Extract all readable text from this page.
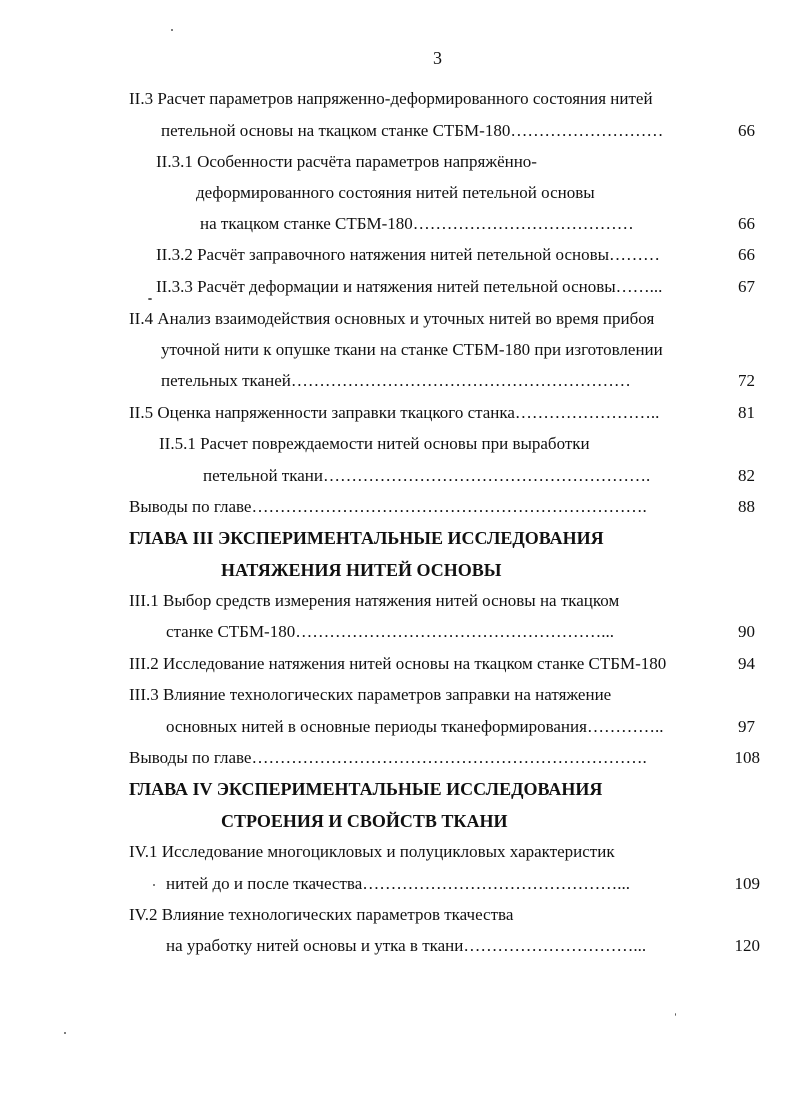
3
II.3 Расчет параметров напряженно-деформированного состояния нитей
петельной основы на ткацком станке СТБМ-180………………………	66
II.3.1 Особенности расчёта параметров напряжённо-
деформированного состояния нитей петельной основы
на ткацком станке СТБМ-180…………………………………	66
II.3.2 Расчёт заправочного натяжения нитей петельной основы………	66
II.3.3 Расчёт деформации и натяжения нитей петельной основы……...	67
II.4 Анализ взаимодействия основных и уточных нитей во время прибоя
уточной нити к опушке ткани на станке СТБМ-180 при изготовлении
петельных тканей……………………………………………………	72
II.5 Оценка напряженности заправки ткацкого станка……………………..	81
II.5.1 Расчет повреждаемости нитей основы при выработки
петельной ткани………………………………………………….	82
Выводы по главе…………………………………………………………….	88
ГЛАВА III ЭКСПЕРИМЕНТАЛЬНЫЕ ИССЛЕДОВАНИЯ
НАТЯЖЕНИЯ НИТЕЙ ОСНОВЫ
III.1 Выбор средств измерения натяжения нитей основы на ткацком
станке СТБМ-180………………………………………………...	90
III.2 Исследование натяжения нитей основы на ткацком станке СТБМ-180	94
III.3 Влияние технологических параметров заправки на натяжение
основных нитей в основные периоды тканеформирования…………..	97
Выводы по главе…………………………………………………………….	108
ГЛАВА IV ЭКСПЕРИМЕНТАЛЬНЫЕ ИССЛЕДОВАНИЯ
СТРОЕНИЯ И СВОЙСТВ ТКАНИ
IV.1 Исследование многоцикловых и полуцикловых характеристик
нитей до и после ткачества………………………………………...	109
IV.2 Влияние технологических параметров ткачества
на уработку нитей основы и утка в ткани…………………………...	120
